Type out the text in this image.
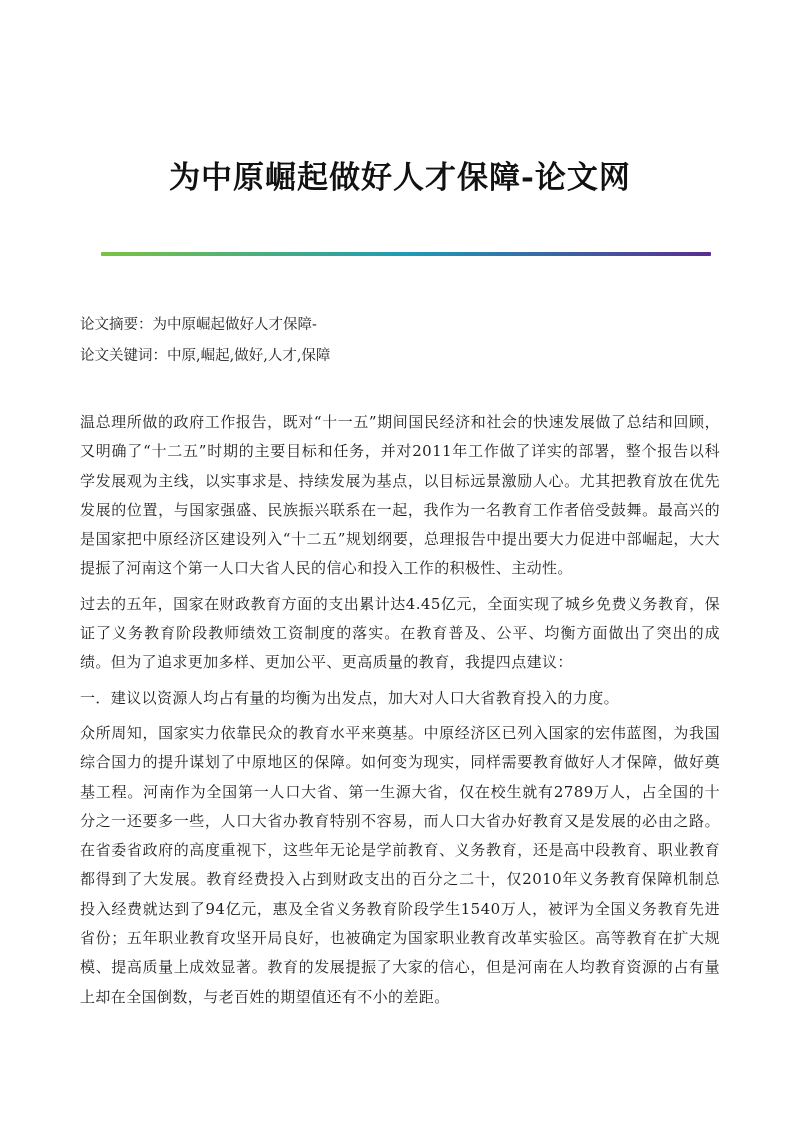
为中原崛起做好人才保障-论文网
论文摘要：为中原崛起做好人才保障-
论文关键词：中原,崛起,做好,人才,保障

温总理所做的政府工作报告，既对“十一五”期间国民经济和社会的快速发展做了总结和回顾，又明确了“十二五”时期的主要目标和任务，并对2011年工作做了详实的部署，整个报告以科学发展观为主线，以实事求是、持续发展为基点，以目标远景激励人心。尤其把教育放在优先发展的位置，与国家强盛、民族振兴联系在一起，我作为一名教育工作者倍受鼓舞。最高兴的是国家把中原经济区建设列入“十二五”规划纲要，总理报告中提出要大力促进中部崛起，大大提振了河南这个第一人口大省人民的信心和投入工作的积极性、主动性。

过去的五年，国家在财政教育方面的支出累计达4.45亿元，全面实现了城乡免费义务教育，保证了义务教育阶段教师绩效工资制度的落实。在教育普及、公平、均衡方面做出了突出的成绩。但为了追求更加多样、更加公平、更高质量的教育，我提四点建议：

一．建议以资源人均占有量的均衡为出发点，加大对人口大省教育投入的力度。

众所周知，国家实力依靠民众的教育水平来奠基。中原经济区已列入国家的宏伟蓝图，为我国综合国力的提升谋划了中原地区的保障。如何变为现实，同样需要教育做好人才保障，做好奠基工程。河南作为全国第一人口大省、第一生源大省，仅在校生就有2789万人，占全国的十分之一还要多一些，人口大省办教育特别不容易，而人口大省办好教育又是发展的必由之路。在省委省政府的高度重视下，这些年无论是学前教育、义务教育，还是高中段教育、职业教育都得到了大发展。教育经费投入占到财政支出的百分之二十，仅2010年义务教育保障机制总投入经费就达到了94亿元，惠及全省义务教育阶段学生1540万人，被评为全国义务教育先进省份；五年职业教育攻坚开局良好，也被确定为国家职业教育改革实验区。高等教育在扩大规模、提高质量上成效显著。教育的发展提振了大家的信心，但是河南在人均教育资源的占有量上却在全国倒数，与老百姓的期望值还有不小的差距。
